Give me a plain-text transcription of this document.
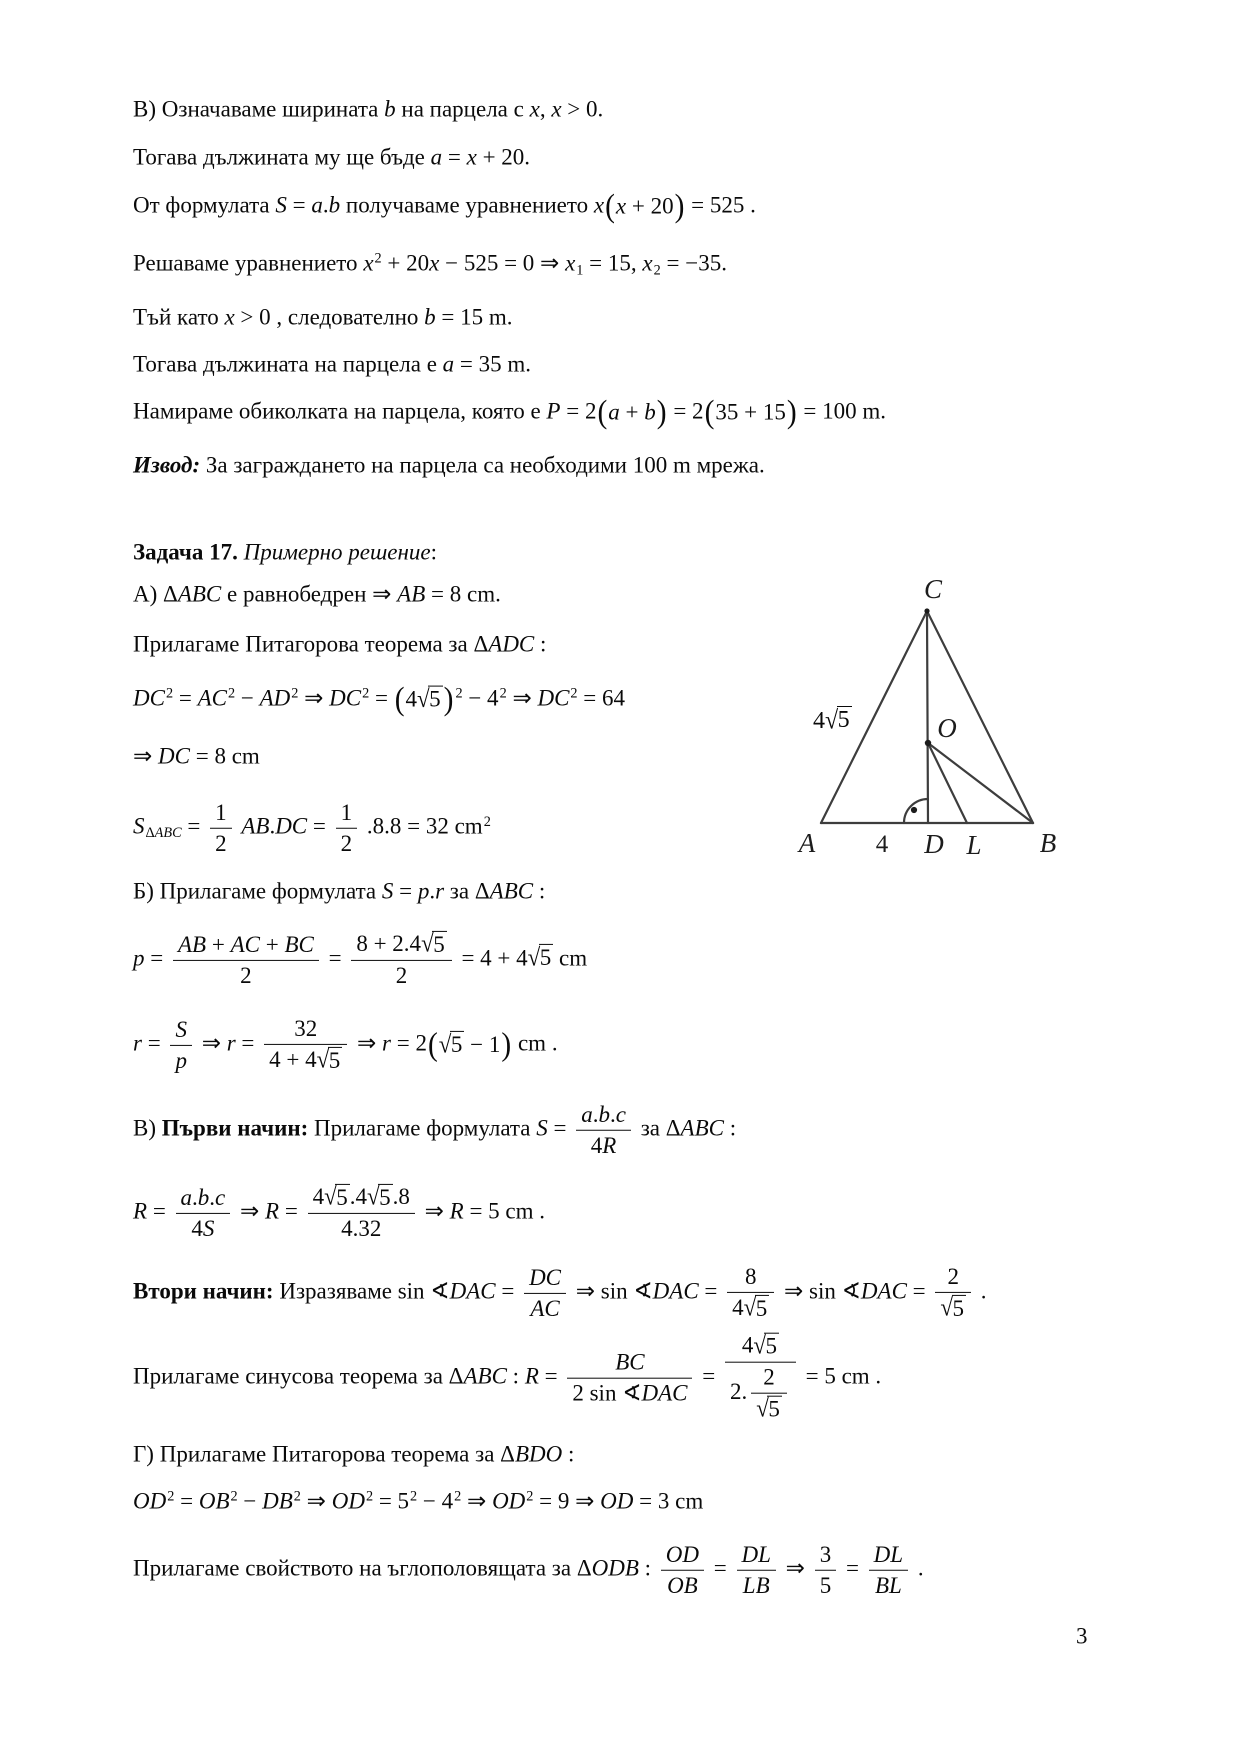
В) Означаваме ширината b на парцела с x, x > 0.
Тогава дължината му ще бъде a = x + 20.
От формулата S = a.b получаваме уравнението x ( x + 20 ) = 525 .
Решаваме уравнението $x^2 + 20x - 525 = 0$ ⇒ x1 = 15, x2 = −35.
Тъй като x > 0 , следователно b = 15 m.
Тогава дължината на парцела е a = 35 m.
Намираме обиколката на парцела, която е P = 2 ( a + b ) = 2 ( 35 + 15 ) = 100 m.
Извод: За заграждането на парцела са необходими 100 m мрежа.
Задача 17. Примерно решение:
А) ΔABC е равнобедрен ⇒ AB = 8 cm.
Прилагаме Питагорова теорема за ΔADC :
$DC^2 = AC^2 - AD^2$ ⇒ $DC^2$ = ( 4 √ 5 ) $^2 - 4^2$ ⇒ $DC^2 = 64$
⇒ DC = 8 cm
$S\Delta ABC = \frac{1}{2} AB.DC = \frac{1}{2} .8.8 = 32$ $cm^2$
Б) Прилагаме формулата S = p.r за ΔABC :
$p = \frac{AB + AC + BC}{2} = \frac{8 + 2.4 √ 5}{2} = 4 + 4$ √ 5 cm
$r = \frac{S}{p}$ ⇒ $r = \frac{32}{4 + 4 √ 5}$ ⇒ r = 2 ( √ 5 − 1 ) cm .
В) Първи начин: Прилагаме формулата $S = \frac{a.b.c}{4R}$ за ΔABC :
$R = \frac{a.b.c}{4S}$ ⇒ $R = \frac{4 √ 5 .4 √ 5 .8}{4.32}$ ⇒ R = 5 cm .
Втори начин: Изразяваме sin ∢DAC = $\frac{DC}{AC}$ ⇒ sin ∢DAC = $\frac{8}{4 √ 5}$ ⇒ sin ∢DAC = $\frac{2}{√ 5}$ .
Прилагаме синусова теорема за ΔABC : $R = \frac{BC}{\text{2 sin ∢DAC}} = \frac{4 √ 5}{2. \frac{2}{√ 5}} = 5$ cm .
Г) Прилагаме Питагорова теорема за ΔBDO :
$OD^2 = OB^2 - DB^2$ ⇒ $OD^2 = 5^2 - 4^2$ ⇒ $OD^2 = 9$ ⇒ OD = 3 cm
Прилагаме свойството на ъглополовящата за ΔODB : $\frac{OD}{OB} = \frac{DL}{LB}$ ⇒ $\frac{3}{5} = \frac{DL}{BL}$ .
C
O
A 4 D L B
4 √ 5
3
